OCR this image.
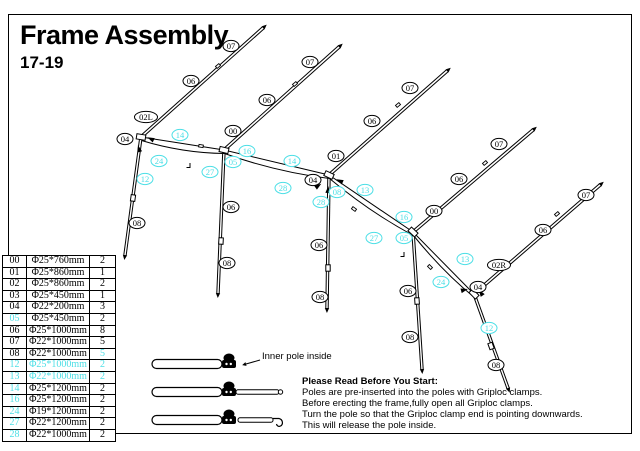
02L
04
06
07
00
06
07
01
06
07
04
00
06
07
02R
04
06
07
06
08
08
06
08
06
08
08
14
16
05
24
27
12
14
28
28
08 13
16
05
27
13
24
12
Frame Assembly
17-19
00	Φ25*760mm	2
01	Φ25*860mm	1
02	Φ25*860mm	2
03	Φ25*450mm	1
04	Φ22*200mm	3
05	Φ25*450mm	2
06	Φ25*1000mm	8
07	Φ22*1000mm	5
08	Φ22*1000mm	5
12	Φ25*1000mm	2
13	Φ22*1000mm	2
14	Φ25*1200mm	2
16	Φ25*1200mm	2
24	Φ19*1200mm	2
27	Φ22*1200mm	2
28	Φ22*1000mm	2
Inner pole inside
Please Read Before You Start:
Poles are pre-inserted into the poles with Griploc clamps.
Before erecting the frame,fully open all Griploc clamps.
Turn the pole so that the Griploc clamp end is pointing downwards.
This will release the pole inside.
